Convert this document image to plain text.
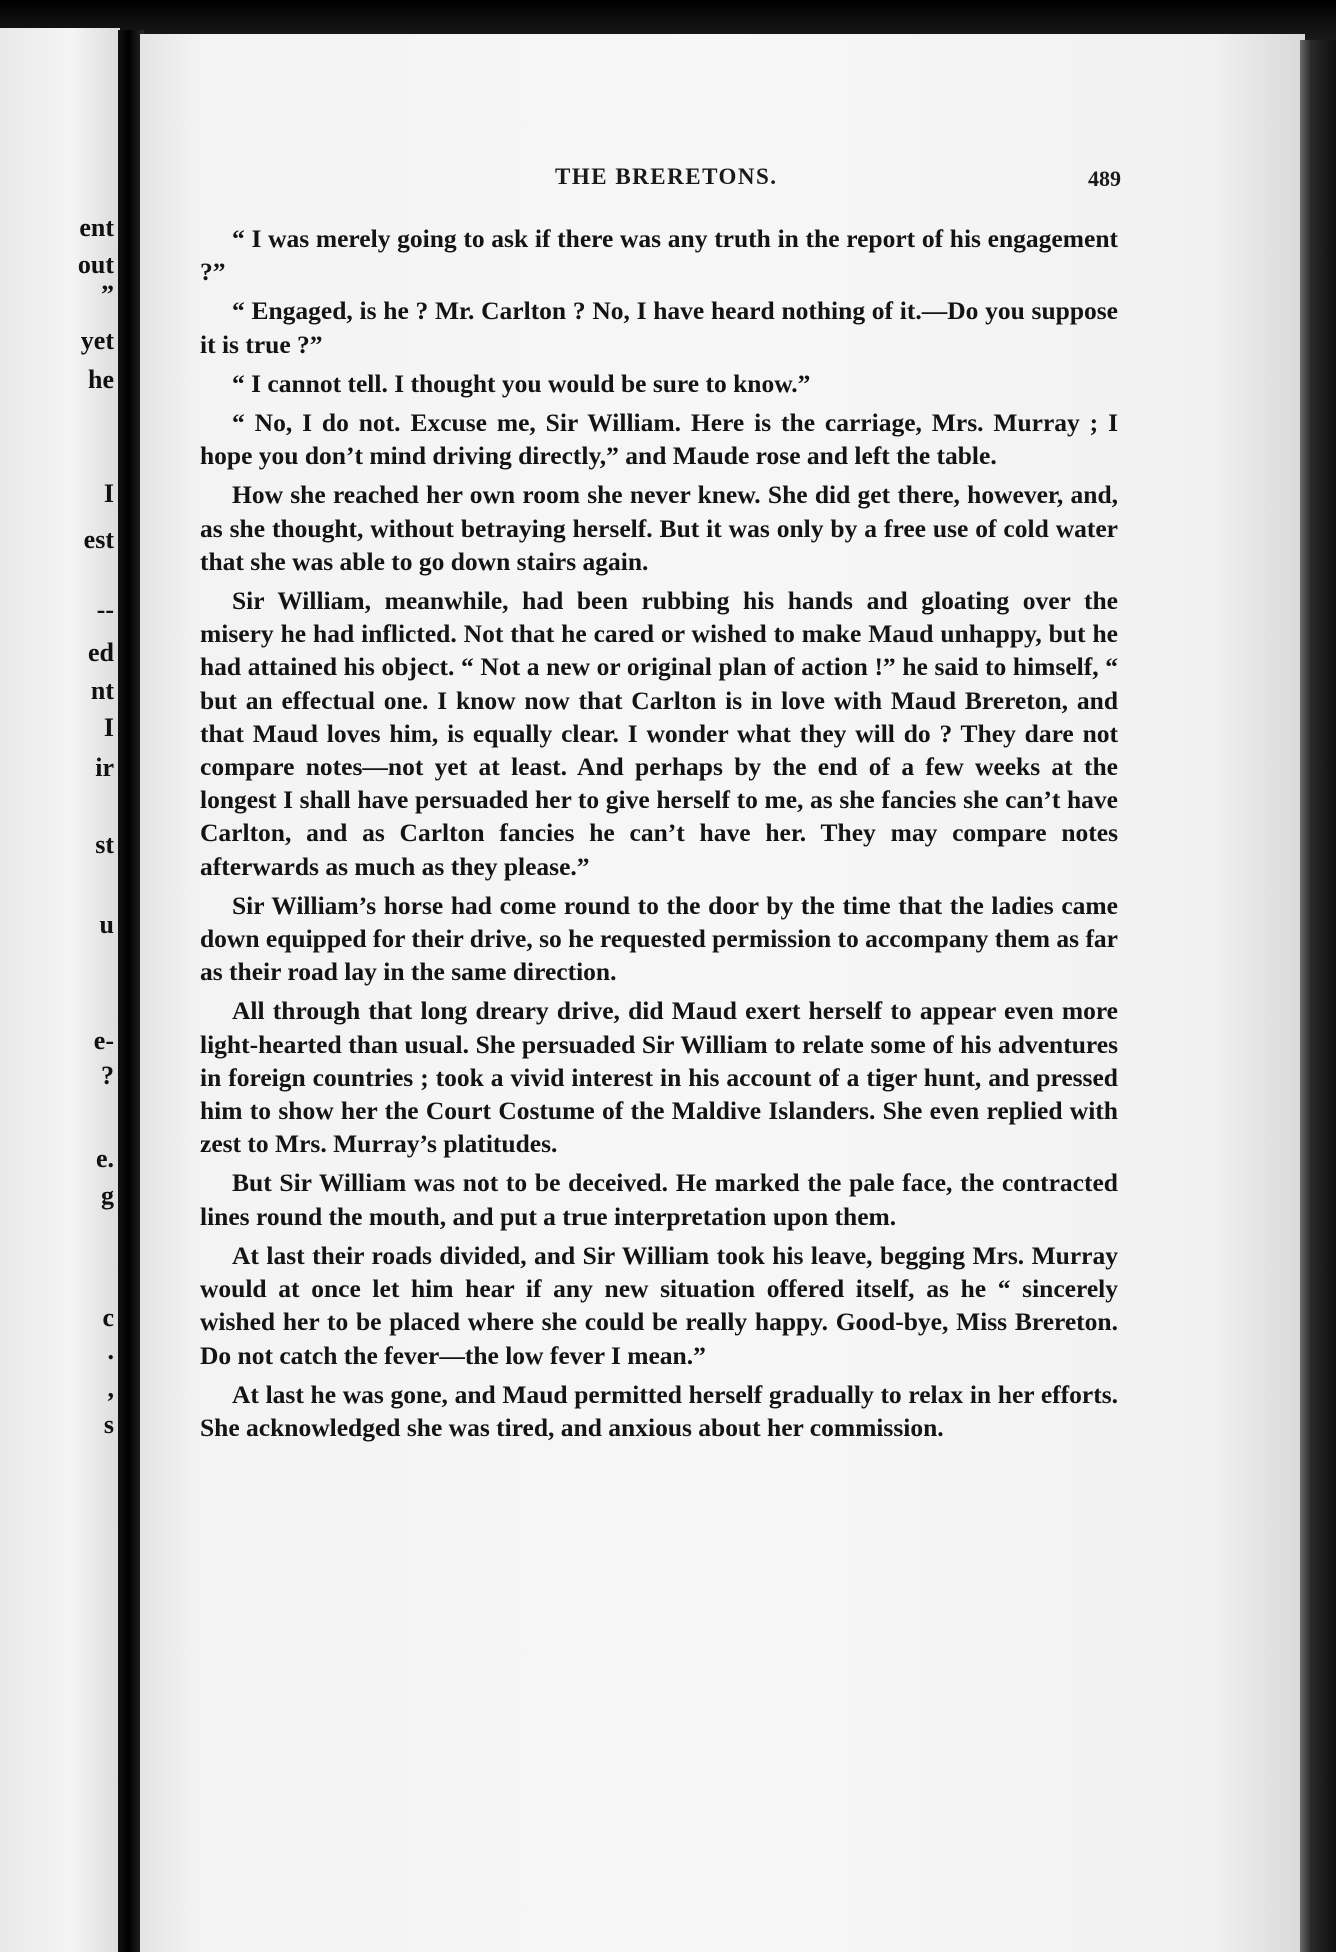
ent
out
”
yet
he
I
est
--
ed
nt
I
ir
st
u
e-
?
e.
g
c
.
,
s
THE BRERETONS.	489

“ I was merely going to ask if there was any truth in the report of his engagement ?”

“ Engaged, is he ? Mr. Carlton ? No, I have heard nothing of it.—Do you suppose it is true ?”

“ I cannot tell. I thought you would be sure to know.”

“ No, I do not. Excuse me, Sir William. Here is the carriage, Mrs. Murray ; I hope you don’t mind driving directly,” and Maude rose and left the table.

How she reached her own room she never knew. She did get there, however, and, as she thought, without betraying herself. But it was only by a free use of cold water that she was able to go down stairs again.

Sir William, meanwhile, had been rubbing his hands and gloating over the misery he had inflicted. Not that he cared or wished to make Maud unhappy, but he had attained his object. “ Not a new or original plan of action !” he said to himself, “ but an effectual one. I know now that Carlton is in love with Maud Brereton, and that Maud loves him, is equally clear. I wonder what they will do ? They dare not compare notes—not yet at least. And perhaps by the end of a few weeks at the longest I shall have persuaded her to give herself to me, as she fancies she can’t have Carlton, and as Carlton fancies he can’t have her. They may compare notes afterwards as much as they please.”

Sir William’s horse had come round to the door by the time that the ladies came down equipped for their drive, so he requested permission to accompany them as far as their road lay in the same direction.

All through that long dreary drive, did Maud exert herself to appear even more light-hearted than usual. She persuaded Sir William to relate some of his adventures in foreign countries ; took a vivid interest in his account of a tiger hunt, and pressed him to show her the Court Costume of the Maldive Islanders. She even replied with zest to Mrs. Murray’s platitudes.

But Sir William was not to be deceived. He marked the pale face, the contracted lines round the mouth, and put a true interpretation upon them.

At last their roads divided, and Sir William took his leave, begging Mrs. Murray would at once let him hear if any new situation offered itself, as he “ sincerely wished her to be placed where she could be really happy. Good-bye, Miss Brereton. Do not catch the fever—the low fever I mean.”

At last he was gone, and Maud permitted herself gradually to relax in her efforts. She acknowledged she was tired, and anxious about her commission.
